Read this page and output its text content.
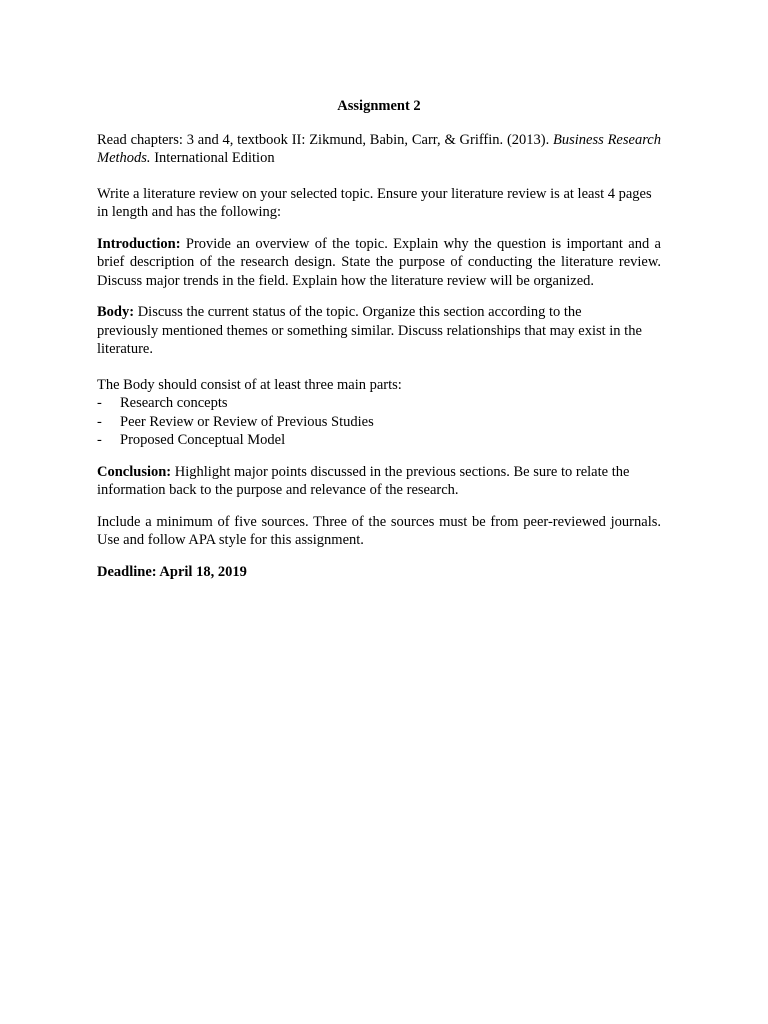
Assignment 2

Read chapters: 3 and 4, textbook II: Zikmund, Babin, Carr, & Griffin. (2013). Business Research Methods. International Edition

Write a literature review on your selected topic. Ensure your literature review is at least 4 pages in length and has the following:

Introduction: Provide an overview of the topic. Explain why the question is important and a brief description of the research design. State the purpose of conducting the literature review. Discuss major trends in the field. Explain how the literature review will be organized.

Body: Discuss the current status of the topic. Organize this section according to the previously mentioned themes or something similar. Discuss relationships that may exist in the literature.

The Body should consist of at least three main parts:

- Research concepts
- Peer Review or Review of Previous Studies
- Proposed Conceptual Model

Conclusion: Highlight major points discussed in the previous sections. Be sure to relate the information back to the purpose and relevance of the research.

Include a minimum of five sources. Three of the sources must be from peer-reviewed journals. Use and follow APA style for this assignment.

Deadline: April 18, 2019
